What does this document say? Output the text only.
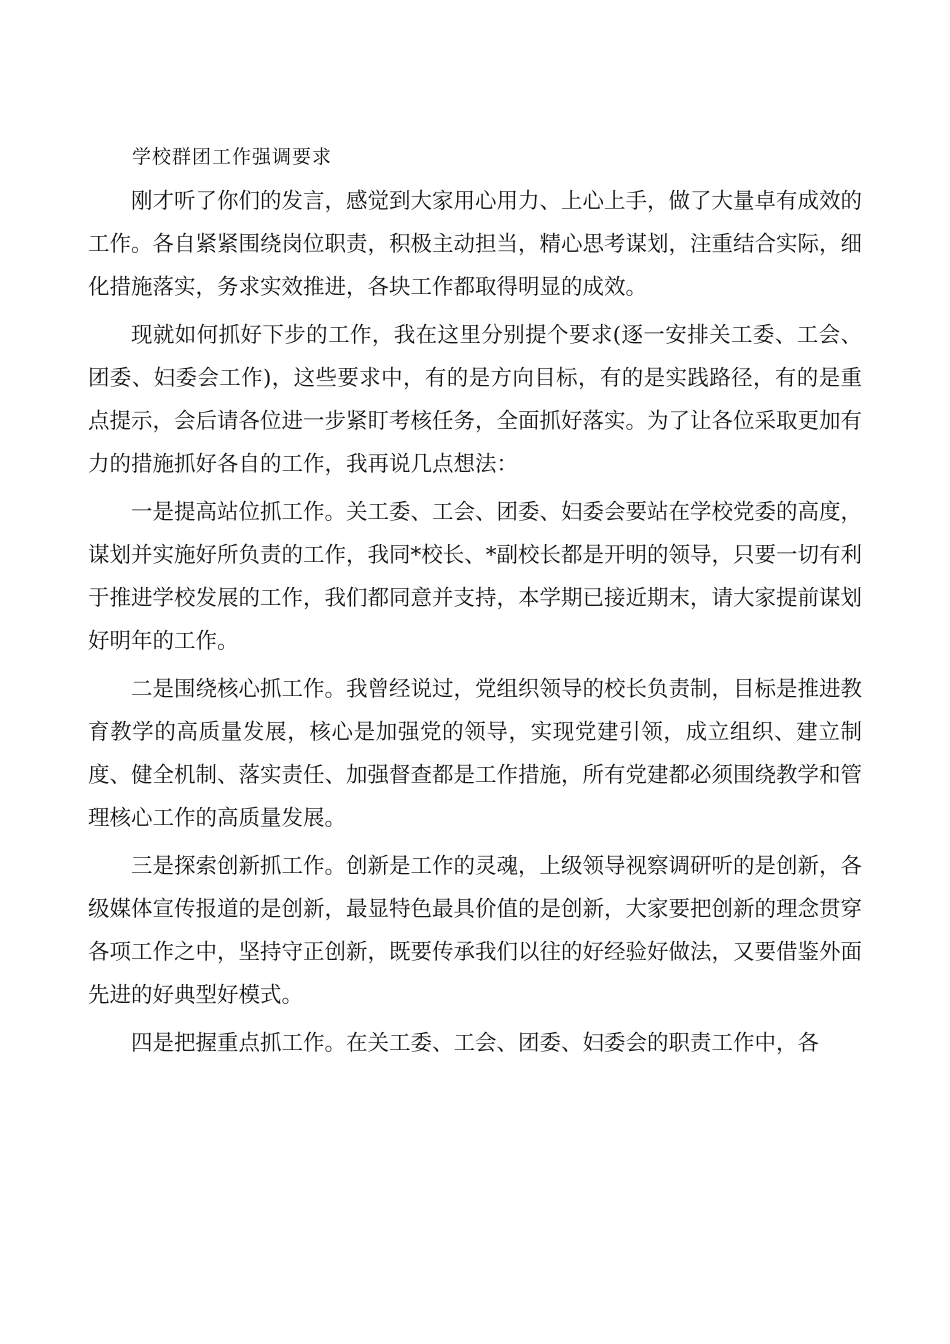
学校群团工作强调要求

刚才听了你们的发言，感觉到大家用心用力、上心上手，做了大量卓有成效的工作。各自紧紧围绕岗位职责，积极主动担当，精心思考谋划，注重结合实际，细化措施落实，务求实效推进，各块工作都取得明显的成效。

现就如何抓好下步的工作，我在这里分别提个要求(逐一安排关工委、工会、团委、妇委会工作)，这些要求中，有的是方向目标，有的是实践路径，有的是重点提示，会后请各位进一步紧盯考核任务，全面抓好落实。为了让各位采取更加有力的措施抓好各自的工作，我再说几点想法：

一是提高站位抓工作。关工委、工会、团委、妇委会要站在学校党委的高度，谋划并实施好所负责的工作，我同*校长、*副校长都是开明的领导，只要一切有利于推进学校发展的工作，我们都同意并支持，本学期已接近期末，请大家提前谋划好明年的工作。

二是围绕核心抓工作。我曾经说过，党组织领导的校长负责制，目标是推进教育教学的高质量发展，核心是加强党的领导，实现党建引领，成立组织、建立制度、健全机制、落实责任、加强督查都是工作措施，所有党建都必须围绕教学和管理核心工作的高质量发展。

三是探索创新抓工作。创新是工作的灵魂，上级领导视察调研听的是创新，各级媒体宣传报道的是创新，最显特色最具价值的是创新，大家要把创新的理念贯穿各项工作之中，坚持守正创新，既要传承我们以往的好经验好做法，又要借鉴外面先进的好典型好模式。

四是把握重点抓工作。在关工委、工会、团委、妇委会的职责工作中，各
